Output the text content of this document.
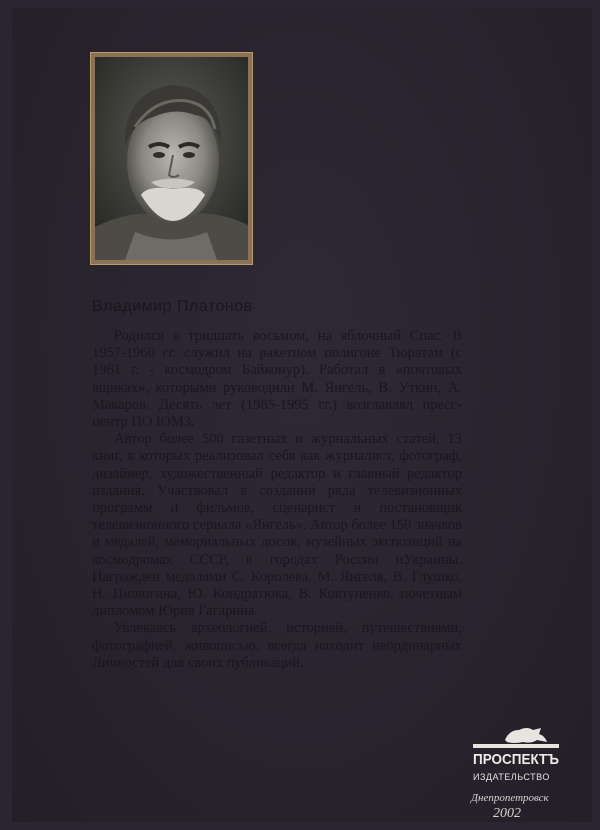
Владимир Платонов

Родился в тридцать восьмом, на яблочный Спас. В 1957-1960 гг. служил на ракетном полигоне Тюратам (с 1961 г. - космодром Байконур). Работал в «почтовых ящиках», которыми руководили М. Янгель, В. Уткин, А. Макаров. Десять лет (1985-1995 гг.) возглавлял пресс-центр ПО ЮМЗ.

Автор более 500 газетных и журнальных статей, 13 книг, в которых реализовал себя как журналист, фотограф, дизайнер, художественный редактор и главный редактор издания. Участвовал в создании ряда телевизионных программ и фильмов, сценарист и постановщик телевизионного сериала «Янгель». Автор более 150 значков и медалей, мемориальных досок, музейных экспозиций на космодромах СССР, в городах России иУкраины. Награжден медалями С. Королева, М. Янгеля, В. Глушко, Н. Пилюгина, Ю. Кондратюка, В. Ковтуненко, почетным дипломом Юрия Гагарина.

Увлекаясь археологией, историей, путешествиями, фотографией, живописью, всегда находит неординарных Личностей для своих публикаций.

ПРОСПЕКТЪ
ИЗДАТЕЛЬСТВО
Днепропетровск
2002
